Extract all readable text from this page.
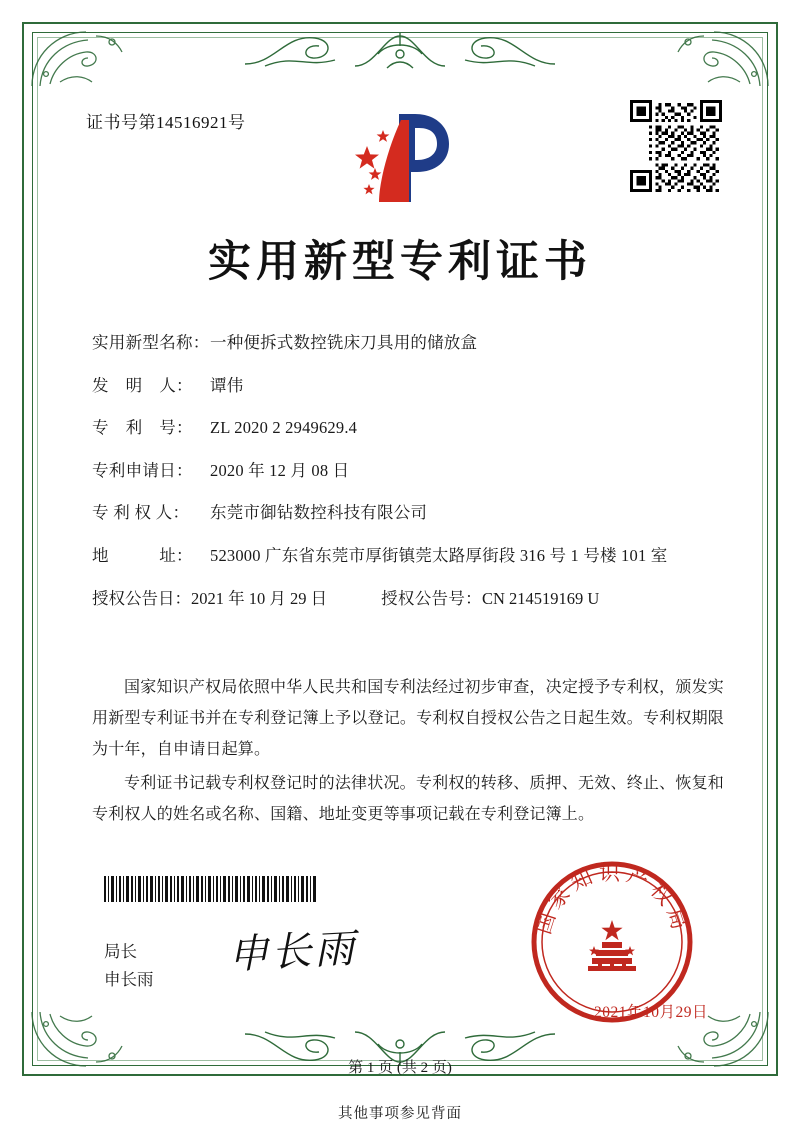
证书号第14516921号
实用新型专利证书
实用新型名称： 一种便拆式数控铣床刀具用的储放盒
发　明　人：	谭伟
专　利　号：	ZL 2020 2 2949629.4
专利申请日：	2020 年 12 月 08 日
专 利 权 人：	东莞市御钻数控科技有限公司
地　　　址：	523000 广东省东莞市厚街镇莞太路厚街段 316 号 1 号楼 101 室
授权公告日： 2021 年 10 月 29 日	授权公告号： CN 214519169 U

国家知识产权局依照中华人民共和国专利法经过初步审查，决定授予专利权，颁发实用新型专利证书并在专利登记簿上予以登记。专利权自授权公告之日起生效。专利权期限为十年，自申请日起算。

专利证书记载专利权登记时的法律状况。专利权的转移、质押、无效、终止、恢复和专利权人的姓名或名称、国籍、地址变更等事项记载在专利登记簿上。

局长
申长雨
申长雨
国家知识产权局
2021年10月29日
第 1 页 (共 2 页)
其他事项参见背面
